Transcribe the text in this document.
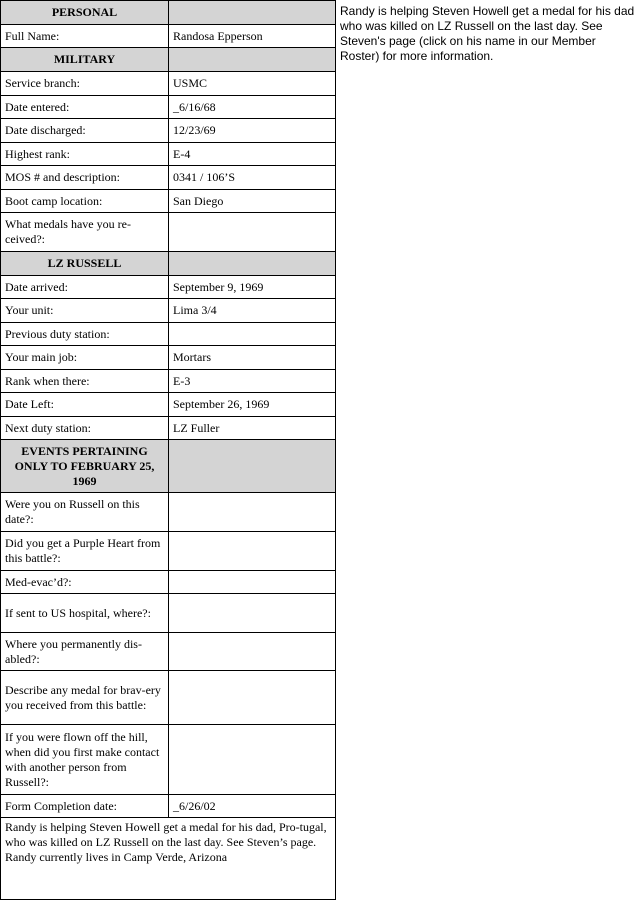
Randy is helping Steven Howell get a medal for his dad who was killed on LZ Russell on the last day. See Steven's page (click on his name in our Member Roster) for more information.
PERSONAL	
Full Name:	Randosa Epperson
MILITARY	
Service branch:	USMC
Date entered:	_6/16/68
Date discharged:	12/23/69
Highest rank:	E-4
MOS # and description:	0341 / 106’S
Boot camp location:	San Diego
What medals have you re-ceived?:	
LZ RUSSELL	
Date arrived:	September 9, 1969
Your unit:	Lima 3/4
Previous duty station:	
Your main job:	Mortars
Rank when there:	E-3
Date Left:	September 26, 1969
Next duty station:	LZ Fuller
EVENTS PERTAINING ONLY TO FEBRUARY 25, 1969	
Were you on Russell on this date?:	
Did you get a Purple Heart from this battle?:	
Med-evac’d?:	
If sent to US hospital, where?:	
Where you permanently dis-abled?:	
Describe any medal for brav-ery you received from this battle:	
If you were flown off the hill, when did you first make contact with another person from Russell?:	
Form Completion date:	_6/26/02
Randy is helping Steven Howell get a medal for his dad, Pro-tugal, who was killed on LZ Russell on the last day. See Steven’s page.
Randy currently lives in Camp Verde, Arizona	
